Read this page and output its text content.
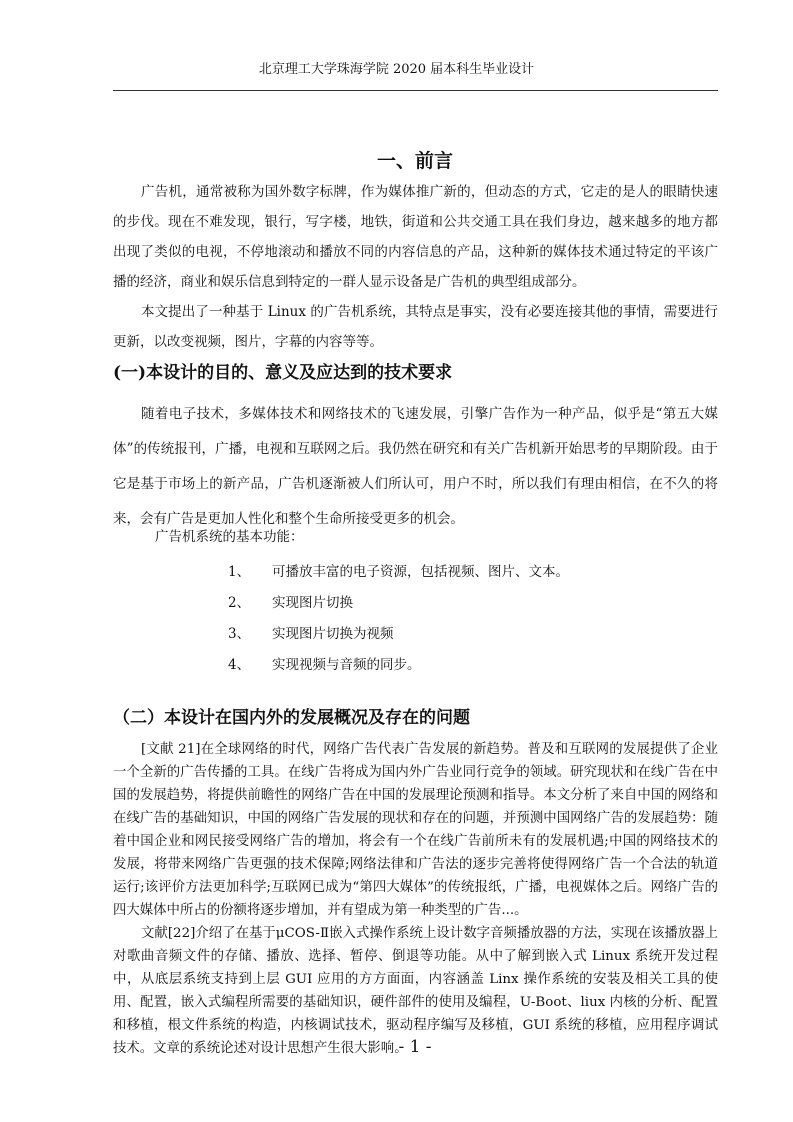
北京理工大学珠海学院 2020 届本科生毕业设计
一、前言

广告机，通常被称为国外数字标牌，作为媒体推广新的，但动态的方式，它走的是人的眼睛快速的步伐。现在不难发现，银行，写字楼，地铁，街道和公共交通工具在我们身边，越来越多的地方都出现了类似的电视，不停地滚动和播放不同的内容信息的产品，这种新的媒体技术通过特定的平该广播的经济，商业和娱乐信息到特定的一群人显示设备是广告机的典型组成部分。

本文提出了一种基于 Linux 的广告机系统，其特点是事实，没有必要连接其他的事情，需要进行更新，以改变视频，图片，字幕的内容等等。

(一)本设计的目的、意义及应达到的技术要求

随着电子技术，多媒体技术和网络技术的飞速发展，引擎广告作为一种产品，似乎是“第五大媒体”的传统报刊，广播，电视和互联网之后。我仍然在研究和有关广告机新开始思考的早期阶段。由于它是基于市场上的新产品，广告机逐渐被人们所认可，用户不时，所以我们有理由相信，在不久的将来，会有广告是更加人性化和整个生命所接受更多的机会。

广告机系统的基本功能：
1、 可播放丰富的电子资源，包括视频、图片、文本。
2、 实现图片切换
3、 实现图片切换为视频
4、 实现视频与音频的同步。
（二）本设计在国内外的发展概况及存在的问题

[文献 21]在全球网络的时代，网络广告代表广告发展的新趋势。普及和互联网的发展提供了企业一个全新的广告传播的工具。在线广告将成为国内外广告业同行竞争的领域。研究现状和在线广告在中国的发展趋势，将提供前瞻性的网络广告在中国的发展理论预测和指导。本文分析了来自中国的网络和在线广告的基础知识，中国的网络广告发展的现状和存在的问题，并预测中国网络广告的发展趋势：随着中国企业和网民接受网络广告的增加，将会有一个在线广告前所未有的发展机遇;中国的网络技术的发展，将带来网络广告更强的技术保障;网络法律和广告法的逐步完善将使得网络广告一个合法的轨道运行;该评价方法更加科学;互联网已成为“第四大媒体”的传统报纸，广播，电视媒体之后。网络广告的四大媒体中所占的份额将逐步增加，并有望成为第一种类型的广告...。

文献[22]介绍了在基于μCOS-Ⅱ嵌入式操作系统上设计数字音频播放器的方法，实现在该播放器上对歌曲音频文件的存储、播放、选择、暂停、倒退等功能。从中了解到嵌入式 Linux 系统开发过程中，从底层系统支持到上层 GUI 应用的方方面面，内容涵盖 Linx 操作系统的安装及相关工具的使用、配置，嵌入式编程所需要的基础知识，硬件部件的使用及编程，U-Boot、liux 内核的分析、配置和移植，根文件系统的构造，内核调试技术，驱动程序编写及移植，GUI 系统的移植，应用程序调试技术。文章的系统论述对设计思想产生很大影响。

- 1 -
